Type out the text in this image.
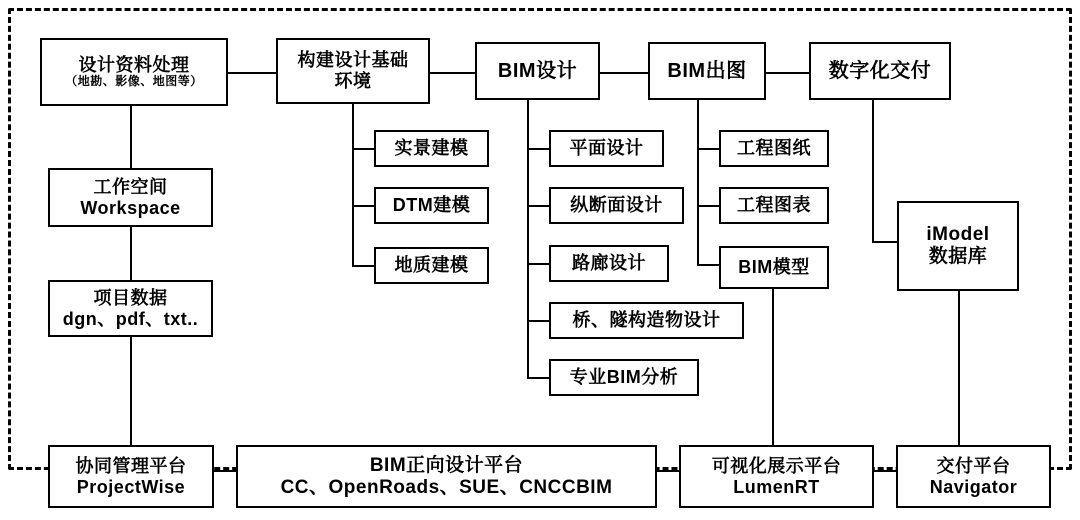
设计资料处理
（地勘、影像、地图等）
构建设计基础
环境	BIM设计	BIM出图	数字化交付
实景建模
DTM建模
地质建模
平面设计
纵断面设计
路廊设计
桥、隧构造物设计
专业BIM分析
工程图纸
工程图表
BIM模型
iModel
数据库
工作空间
Workspace
项目数据
dgn、pdf、txt..
协同管理平台
ProjectWise
BIM正向设计平台
CC、OpenRoads、SUE、CNCCBIM
可视化展示平台
LumenRT
交付平台
Navigator
